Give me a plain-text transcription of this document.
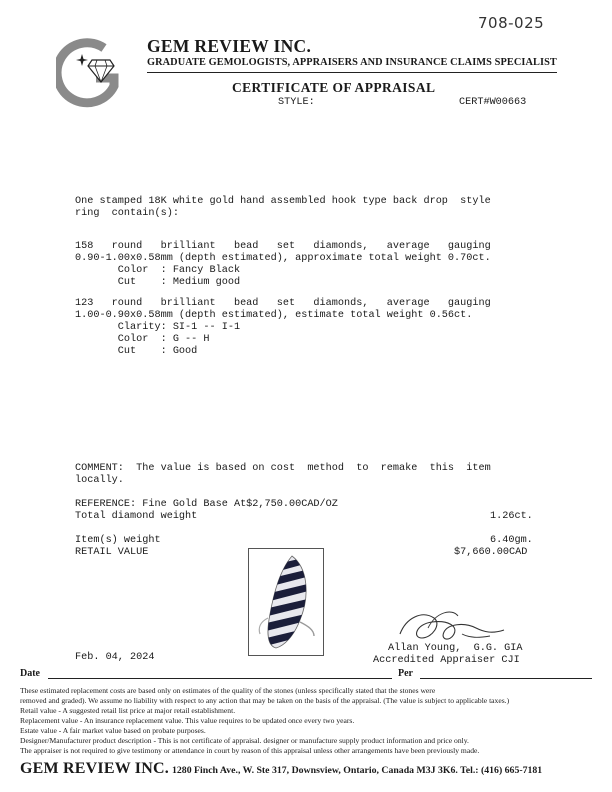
708-025
GEM REVIEW INC.
GRADUATE GEMOLOGISTS, APPRAISERS AND INSURANCE CLAIMS SPECIALIST
CERTIFICATE OF APPRAISAL
STYLE:	CERT#W00663
One stamped 18K white gold hand assembled hook type back drop  style
ring  contain(s):
158   round   brilliant   bead   set   diamonds,   average   gauging
0.90-1.00x0.58mm (depth estimated), approximate total weight 0.70ct.
Color  : Fancy Black
Cut    : Medium good
123   round   brilliant   bead   set   diamonds,   average   gauging
1.00-0.90x0.58mm (depth estimated), estimate total weight 0.56ct.
Clarity: SI-1 -- I-1
Color  : G -- H
Cut    : Good
COMMENT:  The value is based on cost  method  to  remake  this  item
locally.
REFERENCE: Fine Gold Base At$2,750.00CAD/OZ
Total diamond weight	1.26ct.
Item(s) weight	6.40gm.
RETAIL VALUE	$7,660.00CAD
Feb. 04, 2024
Allan Young,  G.G. GIA
Accredited Appraiser CJI
Date	Per
These estimated replacement costs are based only on estimates of the quality of the stones (unless specifically stated that the stones were
removed and graded). We assume no liability with respect to any action that may be taken on the basis of the appraisal. (The value is subject to applicable taxes.)
Retail value - A suggested retail list price at major retail establishment.
Replacement value - An insurance replacement value. This value requires to be updated once every two years.
Estate value - A fair market value based on probate purposes.
Designer/Manufacturer product description - This is not certificate of appraisal. designer or manufacture supply product information and price only.
The appraiser is not required to give testimony or attendance in court by reason of this appraisal unless other arrangements have been previously made.
GEM REVIEW INC. 1280 Finch Ave., W. Ste 317, Downsview, Ontario, Canada M3J 3K6. Tel.: (416) 665-7181
